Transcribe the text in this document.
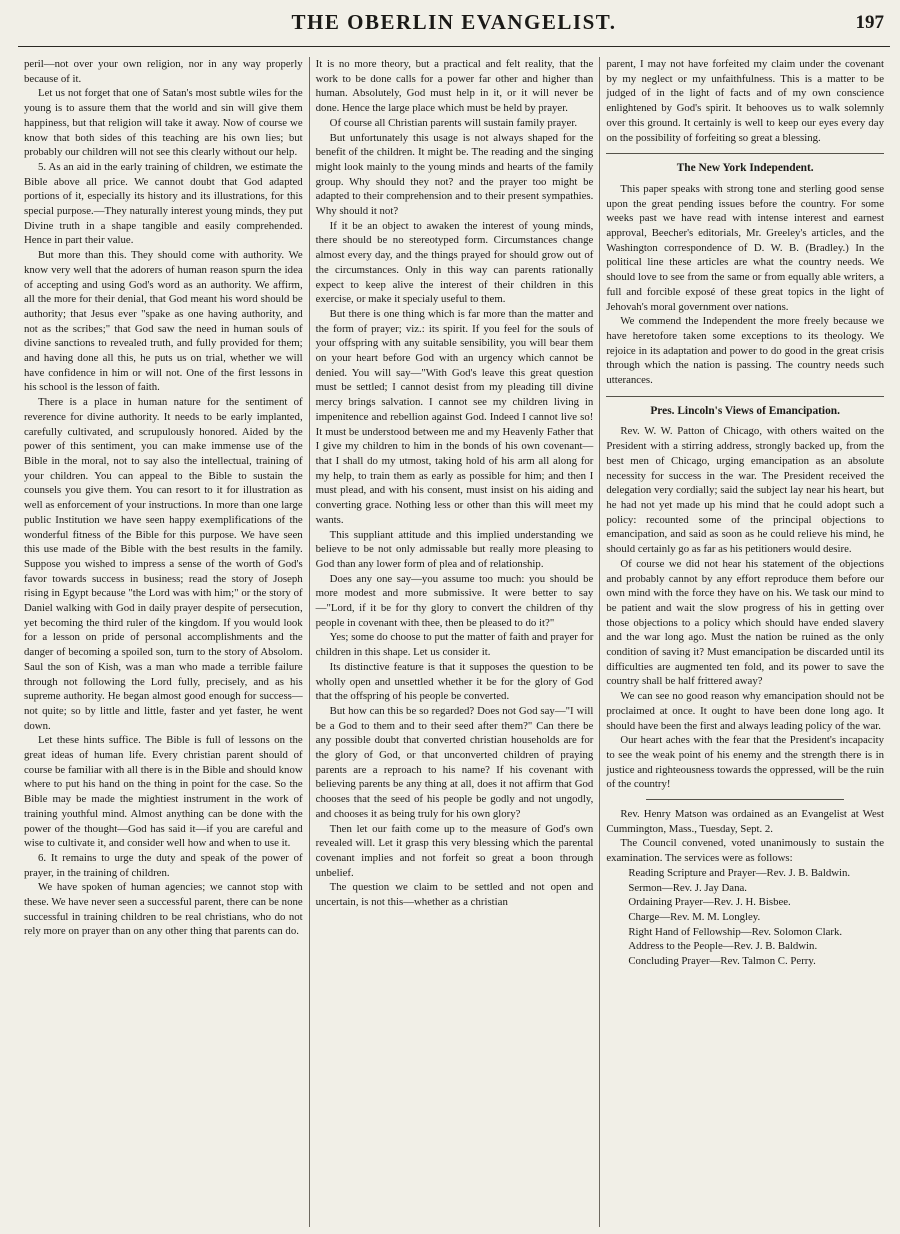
THE OBERLIN EVANGELIST.	197

peril—not over your own religion, nor in any way properly because of it.

Let us not forget that one of Satan's most subtle wiles for the young is to assure them that the world and sin will give them happiness, but that religion will take it away. Now of course we know that both sides of this teaching are his own lies; but probably our children will not see this clearly without our help.

5. As an aid in the early training of children, we estimate the Bible above all price. We cannot doubt that God adapted portions of it, especially its history and its illustrations, for this special purpose.—They naturally interest young minds, they put Divine truth in a shape tangible and easily comprehended. Hence in part their value.

But more than this. They should come with authority. We know very well that the adorers of human reason spurn the idea of accepting and using God's word as an authority. We affirm, all the more for their denial, that God meant his word should be authority; that Jesus ever "spake as one having authority, and not as the scribes;" that God saw the need in human souls of divine sanctions to revealed truth, and fully provided for them; and having done all this, he puts us on trial, whether we will have confidence in him or will not. One of the first lessons in his school is the lesson of faith.

There is a place in human nature for the sentiment of reverence for divine authority. It needs to be early implanted, carefully cultivated, and scrupulously honored. Aided by the power of this sentiment, you can make immense use of the Bible in the moral, not to say also the intellectual, training of your children. You can appeal to the Bible to sustain the counsels you give them. You can resort to it for illustration as well as enforcement of your instructions. In more than one large public Institution we have seen happy exemplifications of the wonderful fitness of the Bible for this purpose. We have seen this use made of the Bible with the best results in the family. Suppose you wished to impress a sense of the worth of God's favor towards success in business; read the story of Joseph rising in Egypt because "the Lord was with him;" or the story of Daniel walking with God in daily prayer despite of persecution, yet becoming the third ruler of the kingdom. If you would look for a lesson on pride of personal accomplishments and the danger of becoming a spoiled son, turn to the story of Absolom. Saul the son of Kish, was a man who made a terrible failure through not following the Lord fully, precisely, and as his supreme authority. He began almost good enough for success—not quite; so by little and little, faster and yet faster, he went down.

Let these hints suffice. The Bible is full of lessons on the great ideas of human life. Every christian parent should of course be familiar with all there is in the Bible and should know where to put his hand on the thing in point for the case. So the Bible may be made the mightiest instrument in the work of training youthful mind. Almost anything can be done with the power of the thought—God has said it—if you are careful and wise to cultivate it, and consider well how and when to use it.

6. It remains to urge the duty and speak of the power of prayer, in the training of children.

We have spoken of human agencies; we cannot stop with these. We have never seen a successful parent, there can be none successful in training children to be real christians, who do not rely more on prayer than on any other thing that parents can do.

It is no more theory, but a practical and felt reality, that the work to be done calls for a power far other and higher than human. Absolutely, God must help in it, or it will never be done. Hence the large place which must be held by prayer.

Of course all Christian parents will sustain family prayer.

But unfortunately this usage is not always shaped for the benefit of the children. It might be. The reading and the singing might look mainly to the young minds and hearts of the family group. Why should they not? and the prayer too might be adapted to their comprehension and to their present sympathies. Why should it not?

If it be an object to awaken the interest of young minds, there should be no stereotyped form. Circumstances change almost every day, and the things prayed for should grow out of the circumstances. Only in this way can parents rationally expect to keep alive the interest of their children in this exercise, or make it specialy useful to them.

But there is one thing which is far more than the matter and the form of prayer; viz.: its spirit. If you feel for the souls of your offspring with any suitable sensibility, you will bear them on your heart before God with an urgency which cannot be denied. You will say—"With God's leave this great question must be settled; I cannot desist from my pleading till divine mercy brings salvation. I cannot see my children living in impenitence and rebellion against God. Indeed I cannot live so! It must be understood between me and my Heavenly Father that I give my children to him in the bonds of his own covenant—that I shall do my utmost, taking hold of his arm all along for my help, to train them as early as possible for him; and then I must plead, and with his consent, must insist on his aiding and converting grace. Nothing less or other than this will meet my wants.

This suppliant attitude and this implied understanding we believe to be not only admissable but really more pleasing to God than any lower form of plea and of relationship.

Does any one say—you assume too much: you should be more modest and more submissive. It were better to say—"Lord, if it be for thy glory to convert the children of thy people in covenant with thee, then be pleased to do it?"

Yes; some do choose to put the matter of faith and prayer for children in this shape. Let us consider it.

Its distinctive feature is that it supposes the question to be wholly open and unsettled whether it be for the glory of God that the offspring of his people be converted.

But how can this be so regarded? Does not God say—"I will be a God to them and to their seed after them?" Can there be any possible doubt that converted christian households are for the glory of God, or that unconverted children of praying parents are a reproach to his name? If his covenant with believing parents be any thing at all, does it not affirm that God chooses that the seed of his people be godly and not ungodly, and chooses it as being truly for his own glory?

Then let our faith come up to the measure of God's own revealed will. Let it grasp this very blessing which the parental covenant implies and not forfeit so great a boon through unbelief.

The question we claim to be settled and not open and uncertain, is not this—whether as a christian

parent, I may not have forfeited my claim under the covenant by my neglect or my unfaithfulness. This is a matter to be judged of in the light of facts and of my own conscience enlightened by God's spirit. It behooves us to walk solemnly over this ground. It certainly is well to keep our eyes every day on the possibility of forfeiting so great a blessing.

The New York Independent.

This paper speaks with strong tone and sterling good sense upon the great pending issues before the country. For some weeks past we have read with intense interest and earnest approval, Beecher's editorials, Mr. Greeley's articles, and the Washington correspondence of D. W. B. (Bradley.) In the political line these articles are what the country needs. We should love to see from the same or from equally able writers, a full and forcible exposé of these great topics in the light of Jehovah's moral government over nations.

We commend the Independent the more freely because we have heretofore taken some exceptions to its theology. We rejoice in its adaptation and power to do good in the great crisis through which the nation is passing. The country needs such utterances.

Pres. Lincoln's Views of Emancipation.

Rev. W. W. Patton of Chicago, with others waited on the President with a stirring address, strongly backed up, from the best men of Chicago, urging emancipation as an absolute necessity for success in the war. The President received the delegation very cordially; said the subject lay near his heart, but he had not yet made up his mind that he could adopt such a policy: recounted some of the principal objections to emancipation, and said as soon as he could relieve his mind, he should certainly go as far as his petitioners would desire.

Of course we did not hear his statement of the objections and probably cannot by any effort reproduce them before our own mind with the force they have on his. We task our mind to be patient and wait the slow progress of his in getting over those objections to a policy which should have ended slavery and the war long ago. Must the nation be ruined as the only condition of saving it? Must emancipation be discarded until its difficulties are augmented ten fold, and its power to save the country shall be half frittered away?

We can see no good reason why emancipation should not be proclaimed at once. It ought to have been done long ago. It should have been the first and always leading policy of the war.

Our heart aches with the fear that the President's incapacity to see the weak point of his enemy and the strength there is in justice and righteousness towards the oppressed, will be the ruin of the country!

Rev. Henry Matson was ordained as an Evangelist at West Cummington, Mass., Tuesday, Sept. 2.

The Council convened, voted unanimously to sustain the examination. The services were as follows:

Reading Scripture and Prayer—Rev. J. B. Baldwin.

Sermon—Rev. J. Jay Dana.

Ordaining Prayer—Rev. J. H. Bisbee.

Charge—Rev. M. M. Longley.

Right Hand of Fellowship—Rev. Solomon Clark.

Address to the People—Rev. J. B. Baldwin.

Concluding Prayer—Rev. Talmon C. Perry.
